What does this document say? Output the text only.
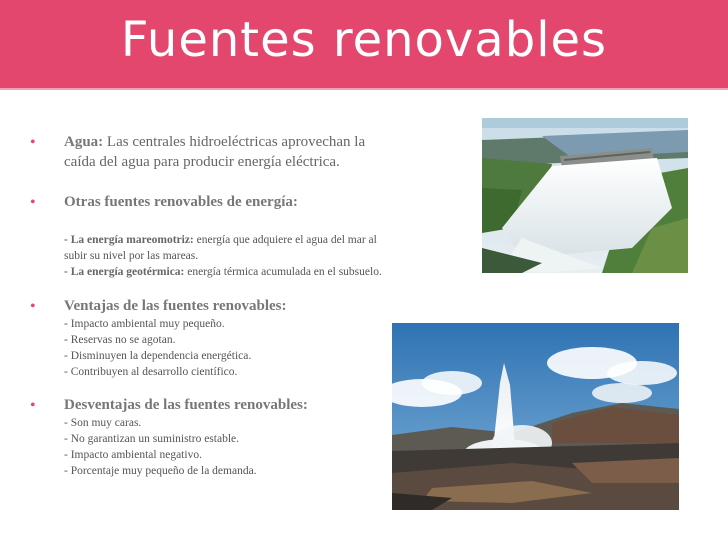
Fuentes renovables
• Agua: Las centrales hidroeléctricas aprovechan la
caída del agua para producir energía eléctrica.
• Otras fuentes renovables de energía:
- La energía mareomotriz: energía que adquiere el agua del mar al
subir su nivel por las mareas.
- La energía geotérmica: energía térmica acumulada en el subsuelo.
• Ventajas de las fuentes renovables:
- Impacto ambiental muy pequeño.
- Reservas no se agotan.
- Disminuyen la dependencia energética.
- Contribuyen al desarrollo científico.
• Desventajas de las fuentes renovables:
- Son muy caras.
- No garantizan un suministro estable.
- Impacto ambiental negativo.
- Porcentaje muy pequeño de la demanda.
